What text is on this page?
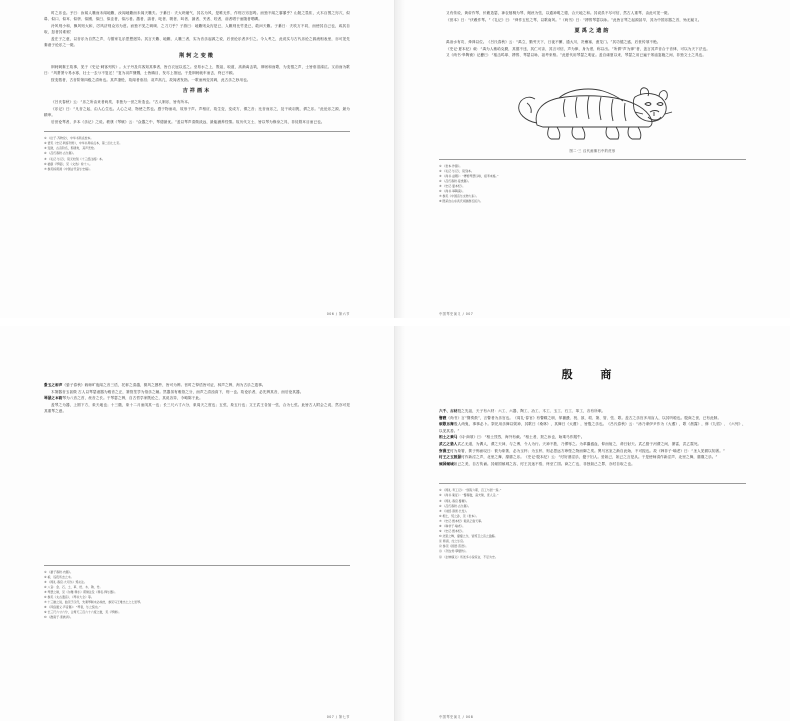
时之乐也。予曰：汝闻人籁而未闻地籁，汝闻地籁而未闻天籁夫。子綦曰：夫大块噫气，其名为风，是唯无作，作则万窍怒呺。而独不闻之翏翏乎？山陵之畏隹，大木百围之窍穴，似鼻、似口、似耳、似枅、似圈、似臼、似洼者，似污者。激者、謞者、叱者、吸者、叫者、譹者、宎者、咬者，前者唱于而随者唱喁。

泠风则小和，飘风则大和，厉风济则众窍为虚。而独不见之调调、之刀刀乎？子游曰：地籁则众窍是已，人籁则比竹是已，敢问天籁。子綦曰：夫吹万不同，而使其自己也，咸其自取，怒者其谁邪！

盖庄子之意，以音乐为自然之声，与儒家礼乐思想迥异。其言天籁、地籁、人籁三者，实为音乐起源之说，后世论乐者多引之。今人考之，此说实与古代乐论之源流相表里，亦可见先秦诸子论乐之一斑。

荆轲之变徵

荆轲刺秦王故事，见于《史记·刺客列传》。太子丹及宾客知其事者，皆白衣冠以送之。至易水之上，既祖，取道，高渐离击筑，荆轲和而歌，为变徵之声，士皆垂泪涕泣。又前而为歌曰：“风萧萧兮易水寒，壮士一去兮不复还！”复为羽声慷慨，士皆瞋目，发尽上指冠。于是荆轲就车而去，终已不顾。

按变徵者，古音阶第四级之清角也。其声凄怆，故闻者垂泪；羽声高亢，故闻者发指。一歌而两变其调，此古乐之妙用也。

吉祥画本

《吕氏春秋》云：“乐之所由来者尚矣，非独为一世之所造也。”古人制乐，皆有所本。

《乐记》曰：“凡音之起，由人心生也。人心之动，物使之然也。感于物而动，故形于声。声相应，故生变，变成方，谓之音；比音而乐之，及干戚羽旄，谓之乐。”此论乐之源，最为精审。

后世论琴者，多本《乐记》之说。嵇康《琴赋》云：“众器之中，琴德最优。”盖以琴声清微淡远，最能涵养性情。故历代文士，皆以琴为修身之具，非徒娱耳目而已也。

① 《庄子·齐物论》，中华书局点校本。
② 语见《史记·刺客列传》，中华书局标点本，第二四七七页。
③ 变徵，古音阶名，即清角，其声悲怆。
④ 《吕氏春秋·古乐篇》。
⑤ 《礼记·乐记》，阮元校刻《十三经注疏》本。
⑥ 嵇康《琴赋》，见《文选》卷十八。
⑦ 参见杨荫浏《中国古代音乐史稿》。
006 / 第六节

又有传说，黄帝作琴，伏羲造瑟，神农削桐为琴，绳丝为弦，以通神明之德，合天地之和。其说虽不尽可信，然古人重琴，由此可见一斑。

《世本》曰：“伏羲作琴。”《礼记》曰：“舜作五弦之琴，以歌南风。”《尚书》曰：“搏拊琴瑟以咏。”此皆言琴之起源甚早，其为中国乐器之首，殆无疑义。

夏禹之遗韵

禹治水有功，舜禅以位。《吕氏春秋》云：“禹立，勤劳天下，日夜不懈，通大川，决壅塞，凿龙门。”其功德之盛，后世传颂不绝。

《史记·夏本纪》载：“禹为人敏给克勤，其德不违，其仁可亲，其言可信，声为律，身为度，称以出。”所谓“声为律”者，盖言其声音合于音律，可以为天下法也。

又《尚书·皋陶谟》记夔曰：“戛击鸣球、搏拊、琴瑟以咏，祖考来格。”此夏代用琴瑟之明证。盖自虞夏以来，琴瑟之用已遍于郊庙宴飨之间，非独文士之具也。

图二·三 汉代画像石中的虎形
① 《世本·作篇》。
② 《礼记·乐记》，阮刻本。
③ 《尚书·益稷》：“搏拊琴瑟以咏，祖考来格。”
④ 《吕氏春秋·爱类篇》。
⑤ 《史记·夏本纪》。
⑥ 《尚书·皋陶谟》。
⑦ 参见《中国音乐文物大系》。
⑧ 图采自山东武氏祠画像石拓片。
中国琴史演义 / 007

夤玉之柝声《晏子春秋》载师旷夜闻之音三语，托柝之清越，微风之撼杵，皆可为辨。晋时之铎语皆可证，柝声之辨，洵为古乐之遗事。

木箫器音玉甚微 古人以琴瑟诸器为雅音之正，箫管笙竽为俗乐之辅。然器虽有雅俗之分，而声之清浊高下，则一也。故论乐者，必先辨其音，而后论其器。

琴瑟之本韵琴为八音之首，丝音之长。于琴瑟之辨，自古哲学家既论之，其说各异，今略陈于此。

盖琴之为器，上圆下方，象天地也；十三徽，象十二月而闰其一也；长三尺六寸六分，象周天之度也；五弦，象五行也；文王武王各加一弦，合为七弦。此皆古人附会之说，然亦可见其重琴之意。

① 《晏子春秋·内篇》。
② 柝，巡夜所击之木。
③ 《周礼·春官·大司乐》郑玄注。
④ 八音：金、石、土、革、丝、木、匏、竹。
⑤ 琴瑟之制，见《尔雅·释乐》郭璞注及《释名·释乐器》。
⑥ 参见《太古遗音》、《琴书大全》等。
⑦ 十三徽之说，始见于汉代，先秦琴制未必如此，参见马王堆出土之七弦琴。
⑧ 《风俗通义·声音篇》：“琴者，乐之统也。”
⑨ 长三尺六寸六分，合周天三百六十六度之数，见《琴操》。
⑩ 《淮南子·泰族训》。
007 / 第七节
殷 商

六千、古材殷之先祖，天子有六材：六工、六器，陶工、冶工、木工、玉工、石工、革工，各有所职。

瞽瞍《尚书》言“瞽奏鼓”，言瞽者为乐官也。《周礼·春官》有瞽矇之职，掌播鼗、柷、敔、埙、箫、管、弦、歌。盖古之乐官多用盲人，以其听聪也。殷商之世，已有此制。

颂歌乐舞殷人尚鬼，事事必卜。祭祀用乐舞以娱神，其歌曰《桑林》，其舞曰《大濩》，皆殷之乐也。《吕氏春秋》云：“汤乃命伊尹作为《大濩》，歌《晨露》，修《九招》、《六列》，以见其善。”

相土之乘马《诗·商颂》曰：“相土烈烈，海外有截。”相土者，契之孙也，始乘马作服牛。

武乙之猎人武乙无道，为偶人，谓之天神，与之博，令人为行。天神不胜，乃僇辱之。为革囊盛血，仰而射之，命曰射天。武乙猎于河渭之间，暴雷，武乙震死。

穿鼻王纣为象箸，箕子怖而叹曰：彼为象箸，必为玉杯；为玉杯，则必思远方珍怪之物而御之矣。舆马宫室之渐自此始，不可振也。故《韩非子·喻老》曰：“圣人见微以知著。”

纣王之玉鼓瑟纣作新淫之声，北里之舞，靡靡之乐。《史记·殷本纪》云：“纣好酒淫乐，嬖于妇人。爱妲己，妲己之言是从。于是使师涓作新淫声，北里之舞，靡靡之乐。”

倾国倾城妲己之美，自古传诵。其倾国倾城之容，纣王沉迷不悟，终至亡国。商之亡也，非独妲己之罪，亦纣自取之也。

① 《周礼·考工记》：“国有六职，百工与居一焉。”
② 《尚书·胤征》：“瞽奏鼓，啬夫驰，庶人走。”
③ 《周礼·春官·瞽矇》。
④ 《吕氏春秋·古乐篇》。
⑤ 《诗经·商颂·长发》。
⑥ 相土，契之孙，见《世本》。
⑦ 《史记·殷本纪》载武乙射天事。
⑧ 《韩非子·喻老》。
⑨ 《史记·殷本纪》。
⑩ 北里之舞，靡靡之乐，皆郑卫之音之滥觞。
⑪ 师涓，纣之乐官。
⑫ 参见《国语·晋语》。
⑬ 《列女传·孽嬖传》。
⑭ 《封神演义》所述多小说家言，不足为史。
中国琴史演义 / 008
